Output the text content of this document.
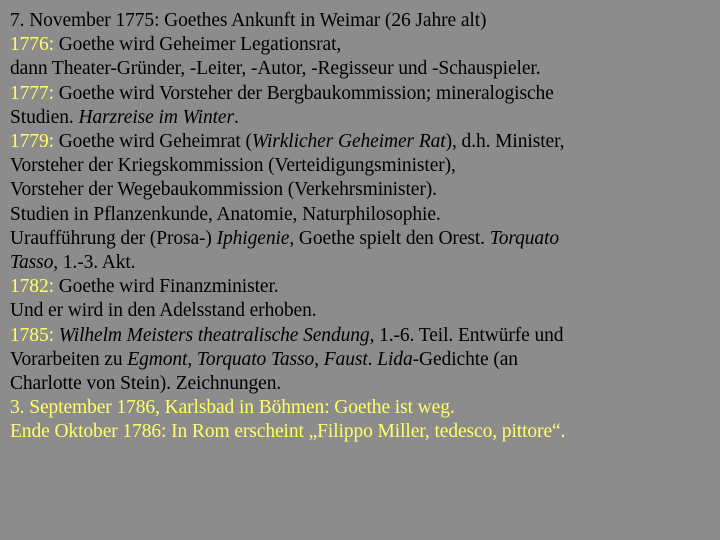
7. November 1775: Goethes Ankunft in Weimar (26 Jahre alt)
1776: Goethe wird Geheimer Legationsrat,
dann Theater-Gründer, -Leiter, -Autor, -Regisseur und -Schauspieler.
1777: Goethe wird Vorsteher der Bergbaukommission; mineralogische
Studien. Harzreise im Winter.
1779: Goethe wird Geheimrat (Wirklicher Geheimer Rat), d.h. Minister,
Vorsteher der Kriegskommission (Verteidigungsminister),
Vorsteher der Wegebaukommission (Verkehrsminister).
Studien in Pflanzenkunde, Anatomie, Naturphilosophie.
Uraufführung der (Prosa-) Iphigenie, Goethe spielt den Orest. Torquato
Tasso, 1.-3. Akt.
1782: Goethe wird Finanzminister.
Und er wird in den Adelsstand erhoben.
1785: Wilhelm Meisters theatralische Sendung, 1.-6. Teil. Entwürfe und
Vorarbeiten zu Egmont, Torquato Tasso, Faust. Lida-Gedichte (an
Charlotte von Stein). Zeichnungen.
3. September 1786, Karlsbad in Böhmen: Goethe ist weg.
Ende Oktober 1786: In Rom erscheint „Filippo Miller, tedesco, pittore“.
